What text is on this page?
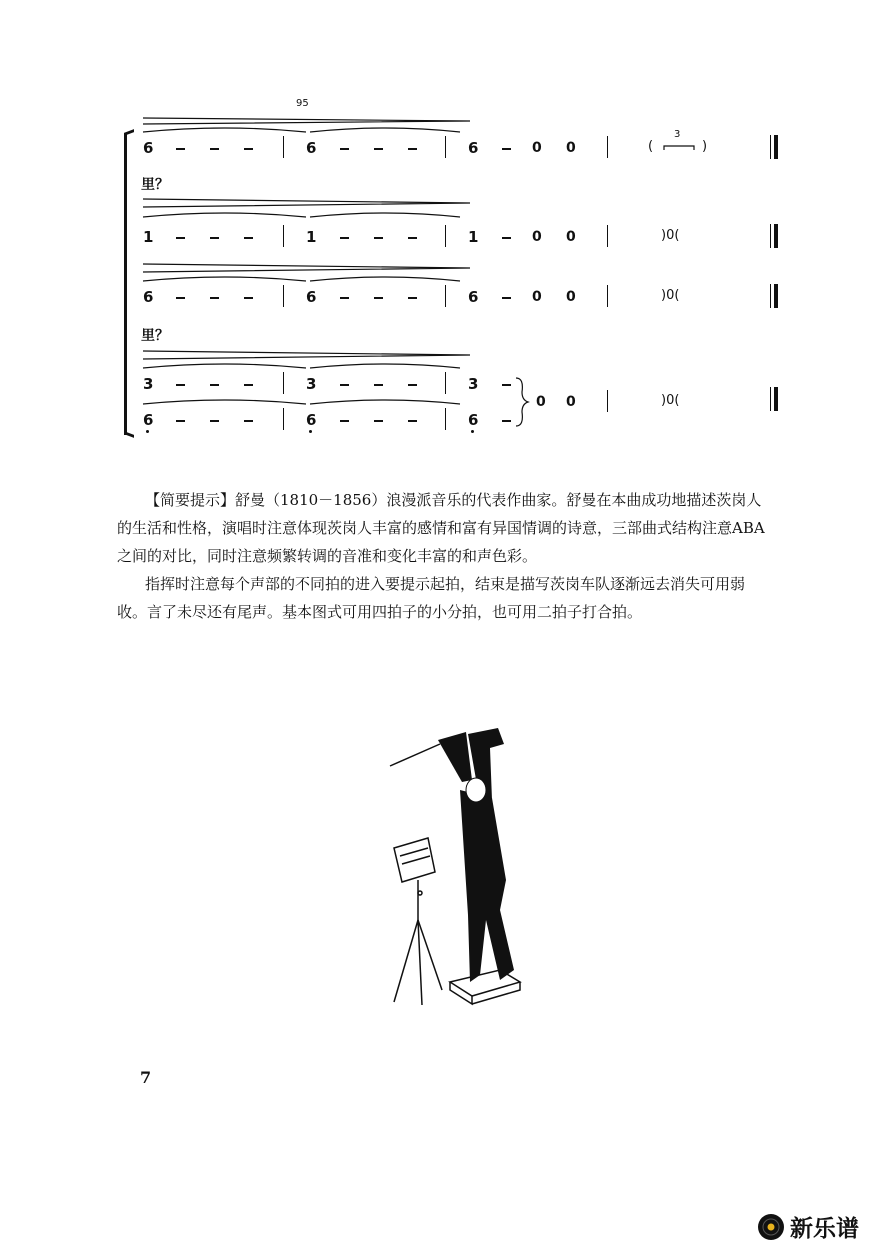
95
6	6	6	0 0	(
3
)
里？
1	1	1	0 0	)0(
6	6	6	0 0	)0(
里？
3	3	3
6	6	6
0 0	)0(
【简要提示】舒曼（1810－1856）浪漫派音乐的代表作曲家。舒曼在本曲成功地描述茨岗人的生活和性格，演唱时注意体现茨岗人丰富的感情和富有异国情调的诗意，三部曲式结构注意ABA之间的对比，同时注意频繁转调的音准和变化丰富的和声色彩。
指挥时注意每个声部的不同拍的进入要提示起拍，结束是描写茨岗车队逐渐远去消失可用弱收。言了未尽还有尾声。基本图式可用四拍子的小分拍，也可用二拍子打合拍。
7
新乐谱
